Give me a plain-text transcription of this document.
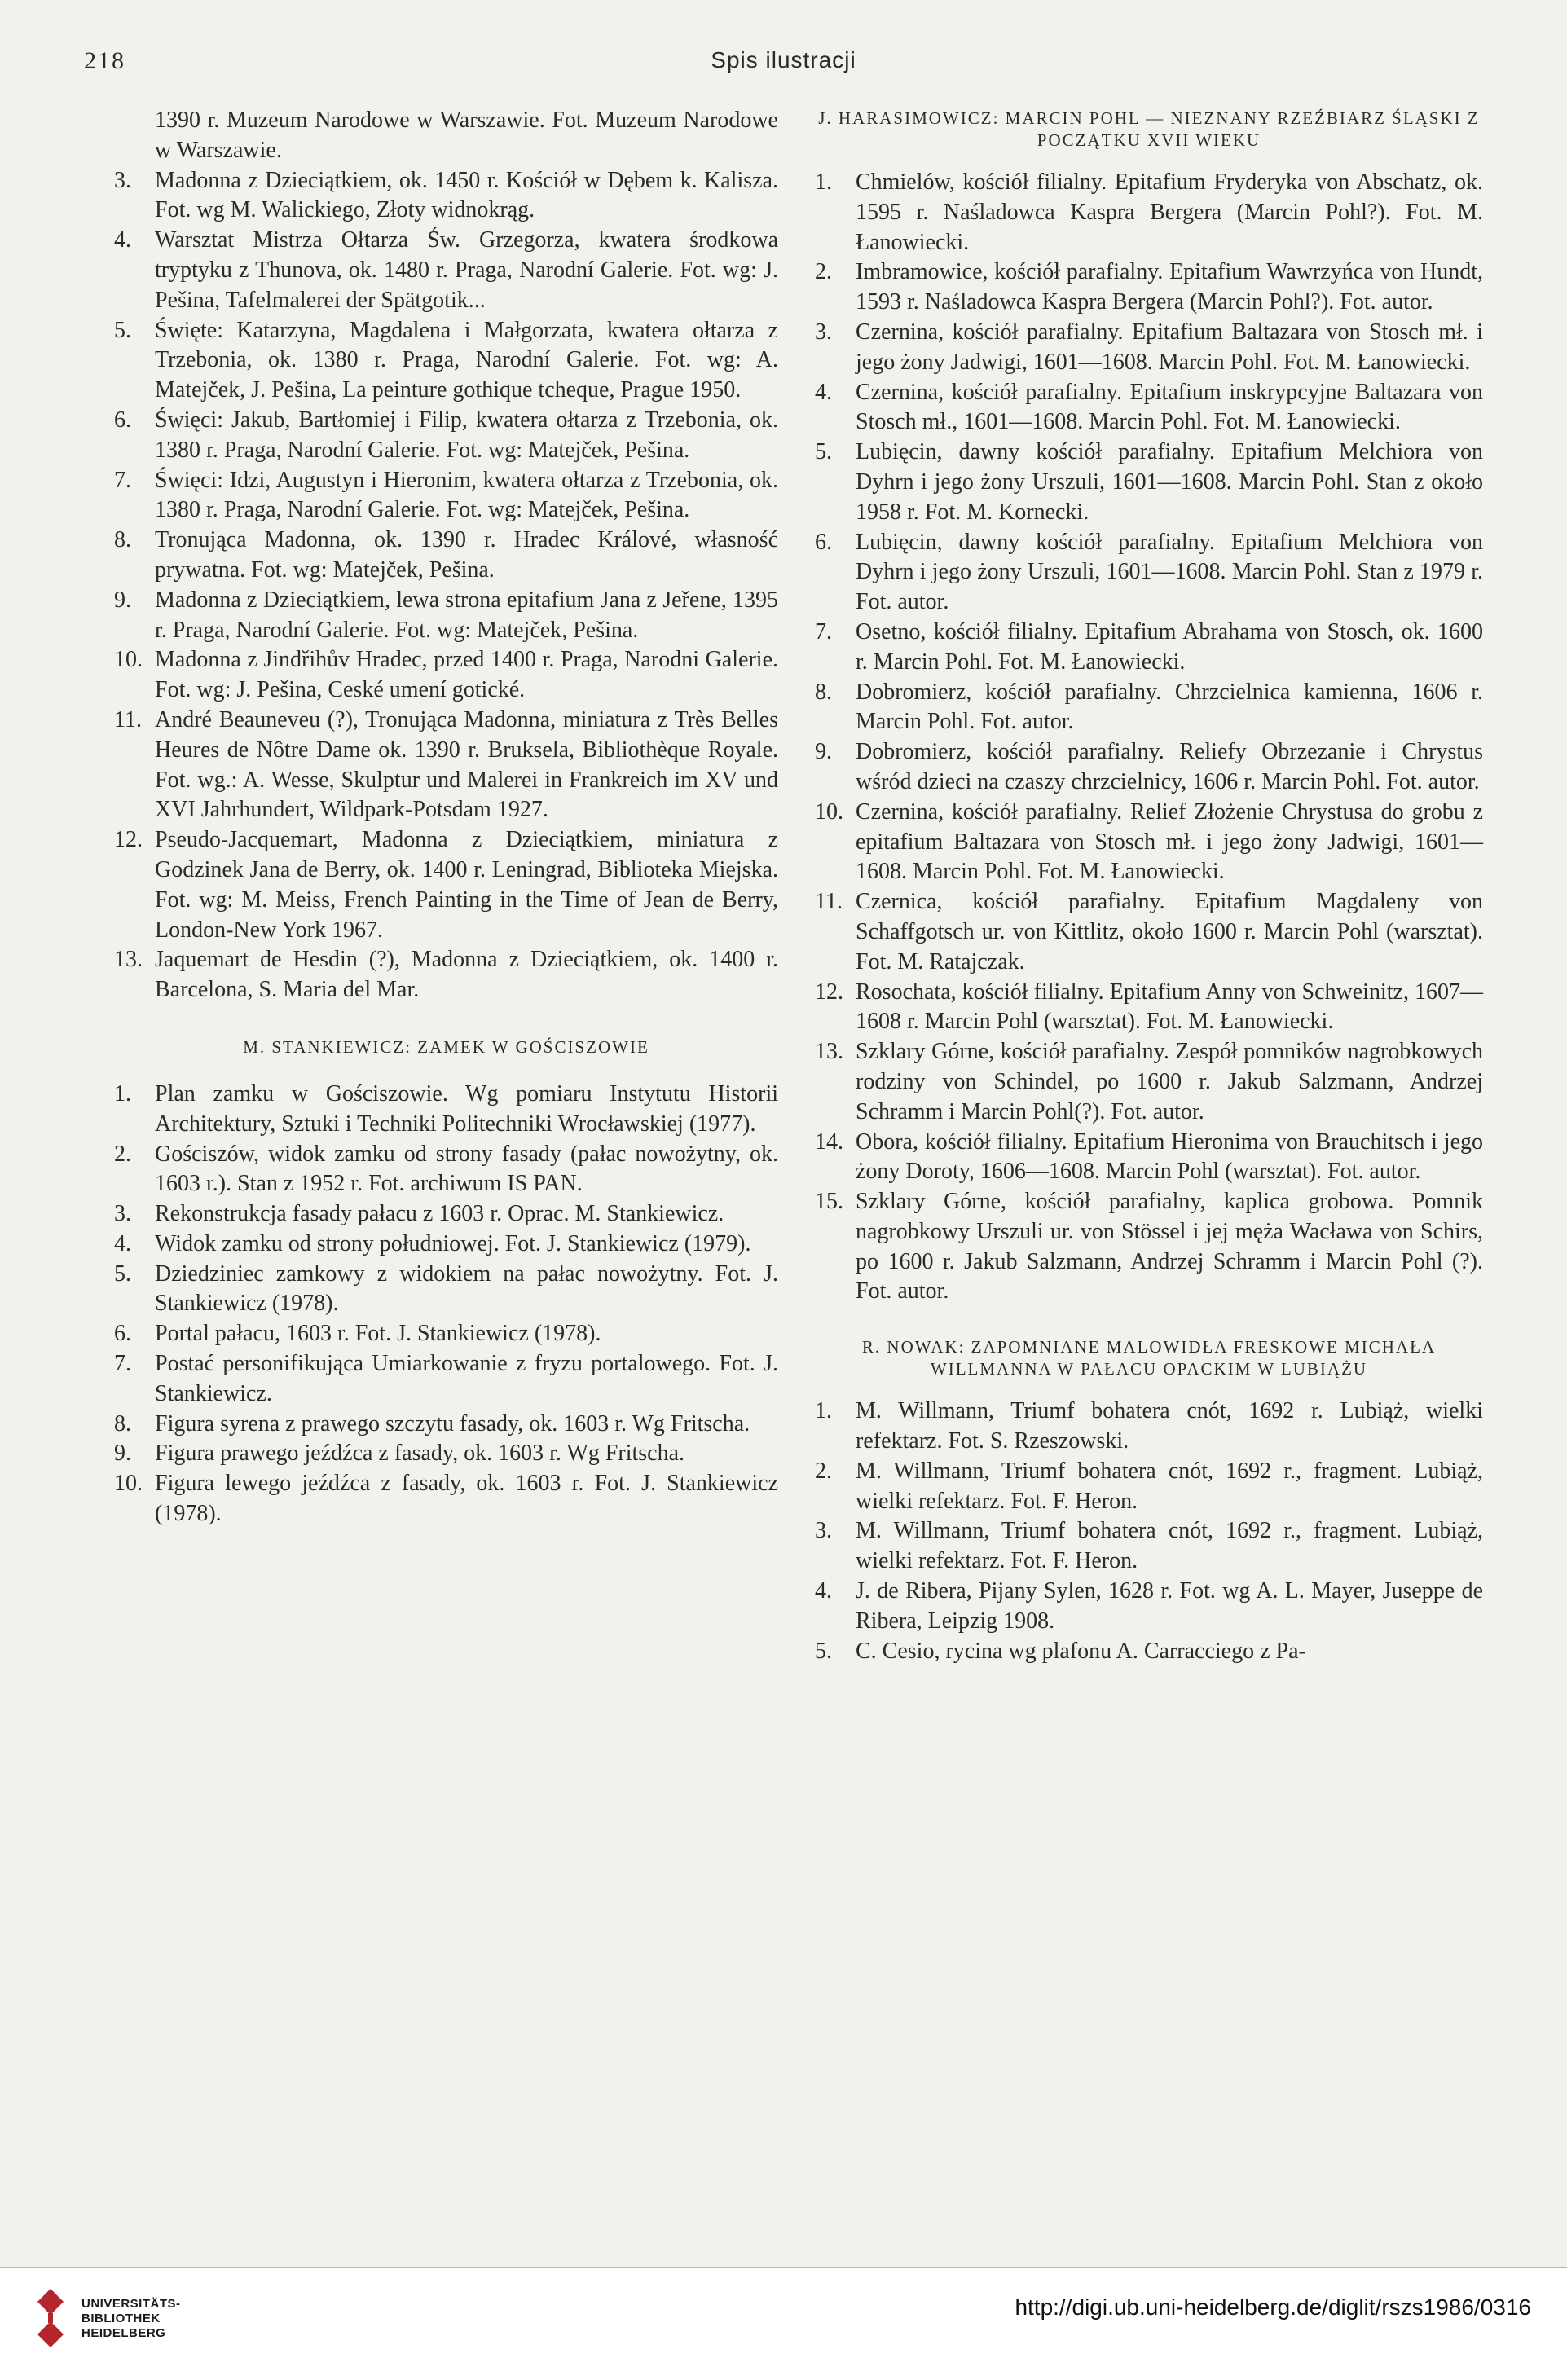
218	Spis ilustracji
1390 r. Muzeum Narodowe w Warszawie. Fot. Muzeum Narodowe w Warszawie.
3.	Madonna z Dzieciątkiem, ok. 1450 r. Kościół w Dębem k. Kalisza. Fot. wg M. Walickiego, Złoty widnokrąg.
4.	Warsztat Mistrza Ołtarza Św. Grzegorza, kwatera środkowa tryptyku z Thunova, ok. 1480 r. Praga, Narodní Galerie. Fot. wg: J. Pešina, Tafelmalerei der Spätgotik...
5.	Święte: Katarzyna, Magdalena i Małgorzata, kwatera ołtarza z Trzebonia, ok. 1380 r. Praga, Narodní Galerie. Fot. wg: A. Matejček, J. Pešina, La peinture gothique tcheque, Prague 1950.
6.	Święci: Jakub, Bartłomiej i Filip, kwatera ołtarza z Trzebonia, ok. 1380 r. Praga, Narodní Galerie. Fot. wg: Matejček, Pešina.
7.	Święci: Idzi, Augustyn i Hieronim, kwatera ołtarza z Trzebonia, ok. 1380 r. Praga, Narodní Galerie. Fot. wg: Matejček, Pešina.
8.	Tronująca Madonna, ok. 1390 r. Hradec Králové, własność prywatna. Fot. wg: Matejček, Pešina.
9.	Madonna z Dzieciątkiem, lewa strona epitafium Jana z Jeřene, 1395 r. Praga, Narodní Galerie. Fot. wg: Matejček, Pešina.
10. Madonna z Jindřihův Hradec, przed 1400 r. Praga, Narodni Galerie. Fot. wg: J. Pešina, Ceské umení gotické.
11. André Beauneveu (?), Tronująca Madonna, miniatura z Très Belles Heures de Nôtre Dame ok. 1390 r. Bruksela, Bibliothèque Royale. Fot. wg.: A. Wesse, Skulptur und Malerei in Frankreich im XV und XVI Jahrhundert, Wildpark-Potsdam 1927.
12. Pseudo-Jacquemart, Madonna z Dzieciątkiem, miniatura z Godzinek Jana de Berry, ok. 1400 r. Leningrad, Biblioteka Miejska. Fot. wg: M. Meiss, French Painting in the Time of Jean de Berry, London-New York 1967.
13. Jaquemart de Hesdin (?), Madonna z Dzieciątkiem, ok. 1400 r. Barcelona, S. Maria del Mar.
M. STANKIEWICZ: ZAMEK W GOŚCISZOWIE
1.	Plan zamku w Gościszowie. Wg pomiaru Instytutu Historii Architektury, Sztuki i Techniki Politechniki Wrocławskiej (1977).
2.	Gościszów, widok zamku od strony fasady (pałac nowożytny, ok. 1603 r.). Stan z 1952 r. Fot. archiwum IS PAN.
3.	Rekonstrukcja fasady pałacu z 1603 r. Oprac. M. Stankiewicz.
4.	Widok zamku od strony południowej. Fot. J. Stankiewicz (1979).
5.	Dziedziniec zamkowy z widokiem na pałac nowożytny. Fot. J. Stankiewicz (1978).
6.	Portal pałacu, 1603 r. Fot. J. Stankiewicz (1978).
7.	Postać personifikująca Umiarkowanie z fryzu portalowego. Fot. J. Stankiewicz.
8.	Figura syrena z prawego szczytu fasady, ok. 1603 r. Wg Fritscha.
9.	Figura prawego jeźdźca z fasady, ok. 1603 r. Wg Fritscha.
10. Figura lewego jeźdźca z fasady, ok. 1603 r. Fot. J. Stankiewicz (1978).
J. HARASIMOWICZ: MARCIN POHL — NIEZNANY RZEŹBIARZ ŚLĄSKI Z POCZĄTKU XVII WIEKU
1.	Chmielów, kościół filialny. Epitafium Fryderyka von Abschatz, ok. 1595 r. Naśladowca Kaspra Bergera (Marcin Pohl?). Fot. M. Łanowiecki.
2.	Imbramowice, kościół parafialny. Epitafium Wawrzyńca von Hundt, 1593 r. Naśladowca Kaspra Bergera (Marcin Pohl?). Fot. autor.
3.	Czernina, kościół parafialny. Epitafium Baltazara von Stosch mł. i jego żony Jadwigi, 1601—1608. Marcin Pohl. Fot. M. Łanowiecki.
4.	Czernina, kościół parafialny. Epitafium inskrypcyjne Baltazara von Stosch mł., 1601—1608. Marcin Pohl. Fot. M. Łanowiecki.
5.	Lubięcin, dawny kościół parafialny. Epitafium Melchiora von Dyhrn i jego żony Urszuli, 1601—1608. Marcin Pohl. Stan z około 1958 r. Fot. M. Kornecki.
6.	Lubięcin, dawny kościół parafialny. Epitafium Melchiora von Dyhrn i jego żony Urszuli, 1601—1608. Marcin Pohl. Stan z 1979 r. Fot. autor.
7.	Osetno, kościół filialny. Epitafium Abrahama von Stosch, ok. 1600 r. Marcin Pohl. Fot. M. Łanowiecki.
8.	Dobromierz, kościół parafialny. Chrzcielnica kamienna, 1606 r. Marcin Pohl. Fot. autor.
9.	Dobromierz, kościół parafialny. Reliefy Obrzezanie i Chrystus wśród dzieci na czaszy chrzcielnicy, 1606 r. Marcin Pohl. Fot. autor.
10. Czernina, kościół parafialny. Relief Złożenie Chrystusa do grobu z epitafium Baltazara von Stosch mł. i jego żony Jadwigi, 1601—1608. Marcin Pohl. Fot. M. Łanowiecki.
11. Czernica, kościół parafialny. Epitafium Magdaleny von Schaffgotsch ur. von Kittlitz, około 1600 r. Marcin Pohl (warsztat). Fot. M. Ratajczak.
12. Rosochata, kościół filialny. Epitafium Anny von Schweinitz, 1607—1608 r. Marcin Pohl (warsztat). Fot. M. Łanowiecki.
13. Szklary Górne, kościół parafialny. Zespół pomników nagrobkowych rodziny von Schindel, po 1600 r. Jakub Salzmann, Andrzej Schramm i Marcin Pohl(?). Fot. autor.
14. Obora, kościół filialny. Epitafium Hieronima von Brauchitsch i jego żony Doroty, 1606—1608. Marcin Pohl (warsztat). Fot. autor.
15. Szklary Górne, kościół parafialny, kaplica grobowa. Pomnik nagrobkowy Urszuli ur. von Stössel i jej męża Wacława von Schirs, po 1600 r. Jakub Salzmann, Andrzej Schramm i Marcin Pohl (?). Fot. autor.
R. NOWAK: ZAPOMNIANE MALOWIDŁA FRESKOWE MICHAŁA WILLMANNA W PAŁACU OPACKIM W LUBIĄŻU
1.	M. Willmann, Triumf bohatera cnót, 1692 r. Lubiąż, wielki refektarz. Fot. S. Rzeszowski.
2.	M. Willmann, Triumf bohatera cnót, 1692 r., fragment. Lubiąż, wielki refektarz. Fot. F. Heron.
3.	M. Willmann, Triumf bohatera cnót, 1692 r., fragment. Lubiąż, wielki refektarz. Fot. F. Heron.
4.	J. de Ribera, Pijany Sylen, 1628 r. Fot. wg A. L. Mayer, Juseppe de Ribera, Leipzig 1908.
5.	C. Cesio, rycina wg plafonu A. Carracciego z Pa-
UNIVERSITÄTS-
BIBLIOTHEK
HEIDELBERG
http://digi.ub.uni-heidelberg.de/diglit/rszs1986/0316
